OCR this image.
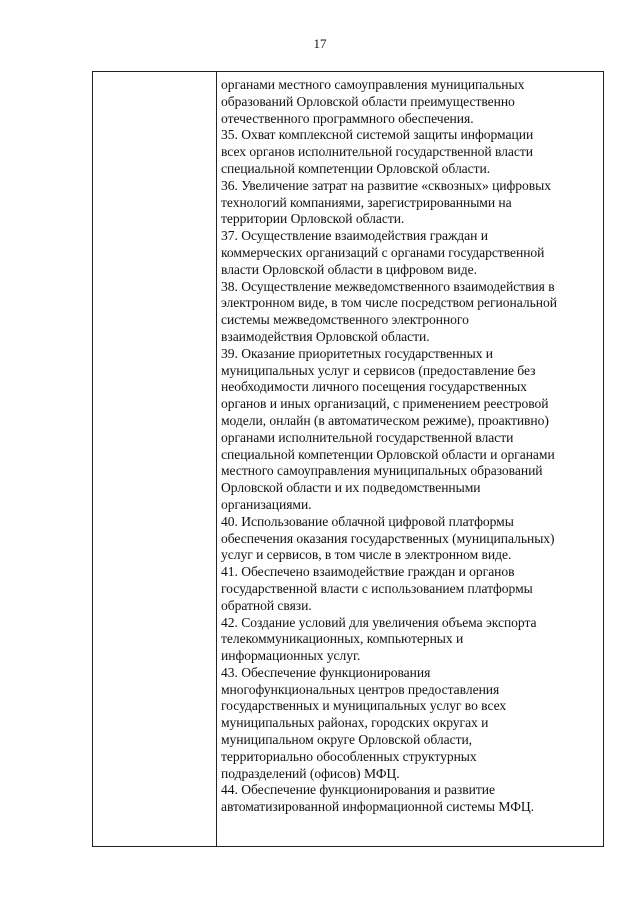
17

органами местного самоуправления муниципальных
образований Орловской области преимущественно
отечественного программного обеспечения.

35. Охват комплексной системой защиты информации
всех органов исполнительной государственной власти
специальной компетенции Орловской области.

36. Увеличение затрат на развитие «сквозных» цифровых
технологий компаниями, зарегистрированными на
территории Орловской области.

37. Осуществление взаимодействия граждан и
коммерческих организаций с органами государственной
власти Орловской области в цифровом виде.

38. Осуществление межведомственного взаимодействия в
электронном виде, в том числе посредством региональной
системы межведомственного электронного
взаимодействия Орловской области.

39. Оказание приоритетных государственных и
муниципальных услуг и сервисов (предоставление без
необходимости личного посещения государственных
органов и иных организаций, с применением реестровой
модели, онлайн (в автоматическом режиме), проактивно)
органами исполнительной государственной власти
специальной компетенции Орловской области и органами
местного самоуправления муниципальных образований
Орловской области и их подведомственными
организациями.

40. Использование облачной цифровой платформы
обеспечения оказания государственных (муниципальных)
услуг и сервисов, в том числе в электронном виде.

41. Обеспечено взаимодействие граждан и органов
государственной власти с использованием платформы
обратной связи.

42. Создание условий для увеличения объема экспорта
телекоммуникационных, компьютерных и
информационных услуг.

43. Обеспечение функционирования
многофункциональных центров предоставления
государственных и муниципальных услуг во всех
муниципальных районах, городских округах и
муниципальном округе Орловской области,
территориально обособленных структурных
подразделений (офисов) МФЦ.

44. Обеспечение функционирования и развитие
автоматизированной информационной системы МФЦ.
